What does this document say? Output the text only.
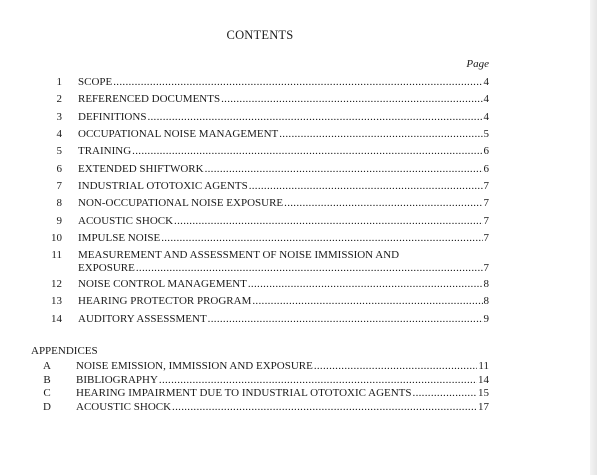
CONTENTS
Page
1 SCOPE .....	4
2 REFERENCED DOCUMENTS .....	4
3 DEFINITIONS .....	4
4 OCCUPATIONAL NOISE MANAGEMENT .....	5
5 TRAINING .....	6
6 EXTENDED SHIFTWORK .....	6
7 INDUSTRIAL OTOTOXIC AGENTS .....	7
8 NON-OCCUPATIONAL NOISE EXPOSURE .....	7
9 ACOUSTIC SHOCK .....	7
10 IMPULSE NOISE .....	7
11 MEASUREMENT AND ASSESSMENT OF NOISE IMMISSION AND
EXPOSURE .....	7
12 NOISE CONTROL MANAGEMENT .....	8
13 HEARING PROTECTOR PROGRAM .....	8
14 AUDITORY ASSESSMENT .....	9
APPENDICES
A NOISE EMISSION, IMMISSION AND EXPOSURE .....	11
B	BIBLIOGRAPHY .....	14
C	HEARING IMPAIRMENT DUE TO INDUSTRIAL OTOTOXIC AGENTS .....	15
D ACOUSTIC SHOCK .....	17
